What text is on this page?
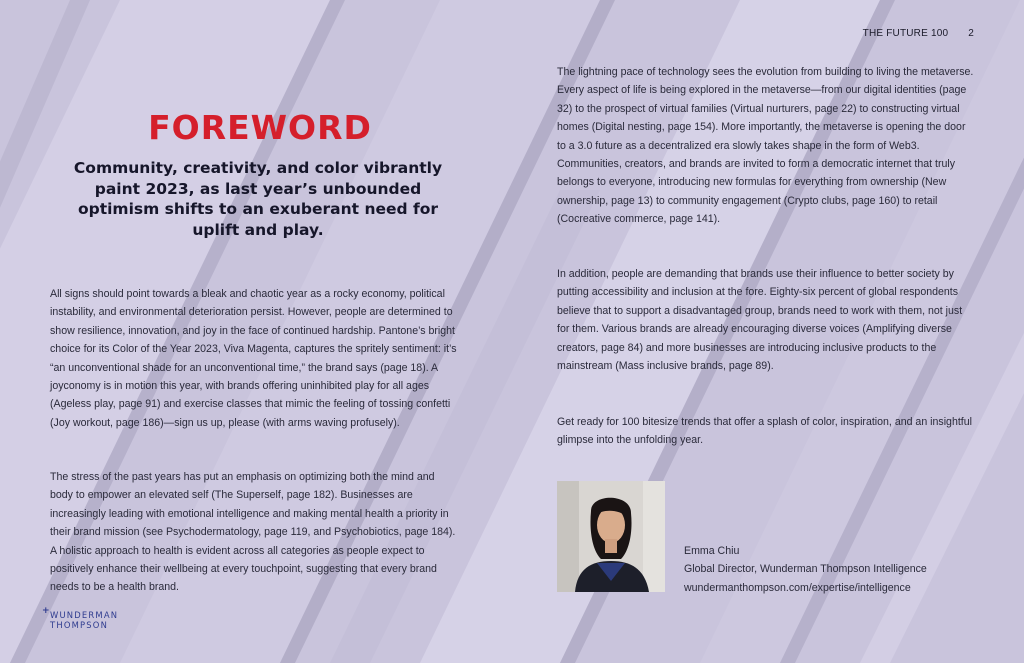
THE FUTURE 100 2
FOREWORD

Community, creativity, and color vibrantly paint 2023, as last year’s unbounded optimism shifts to an exuberant need for uplift and play.

All signs should point towards a bleak and chaotic year as a rocky economy, political instability, and environmental deterioration persist. However, people are determined to show resilience, innovation, and joy in the face of continued hardship. Pantone’s bright choice for its Color of the Year 2023, Viva Magenta, captures the spritely sentiment: it’s “an unconventional shade for an unconventional time,” the brand says (page 18). A joyconomy is in motion this year, with brands offering uninhibited play for all ages (Ageless play, page 91) and exercise classes that mimic the feeling of tossing confetti (Joy workout, page 186)—sign us up, please (with arms waving profusely).

The stress of the past years has put an emphasis on optimizing both the mind and body to empower an elevated self (The Superself, page 182). Businesses are increasingly leading with emotional intelligence and making mental health a priority in their brand mission (see Psychodermatology, page 119, and Psychobiotics, page 184). A holistic approach to health is evident across all categories as people expect to positively enhance their wellbeing at every touchpoint, suggesting that every brand needs to be a health brand.

The lightning pace of technology sees the evolution from building to living the metaverse. Every aspect of life is being explored in the metaverse—from our digital identities (page 32) to the prospect of virtual families (Virtual nurturers, page 22) to constructing virtual homes (Digital nesting, page 154). More importantly, the metaverse is opening the door to a 3.0 future as a decentralized era slowly takes shape in the form of Web3. Communities, creators, and brands are invited to form a democratic internet that truly belongs to everyone, introducing new formulas for everything from ownership (New ownership, page 13) to community engagement (Crypto clubs, page 160) to retail (Cocreative commerce, page 141).

In addition, people are demanding that brands use their influence to better society by putting accessibility and inclusion at the fore. Eighty-six percent of global respondents believe that to support a disadvantaged group, brands need to work with them, not just for them. Various brands are already encouraging diverse voices (Amplifying diverse creators, page 84) and more businesses are introducing inclusive products to the mainstream (Mass inclusive brands, page 89).

Get ready for 100 bitesize trends that offer a splash of color, inspiration, and an insightful glimpse into the unfolding year.

Emma Chiu
Global Director, Wunderman Thompson Intelligence
wundermanthompson.com/expertise/intelligence
+ WUNDERMAN
THOMPSON
